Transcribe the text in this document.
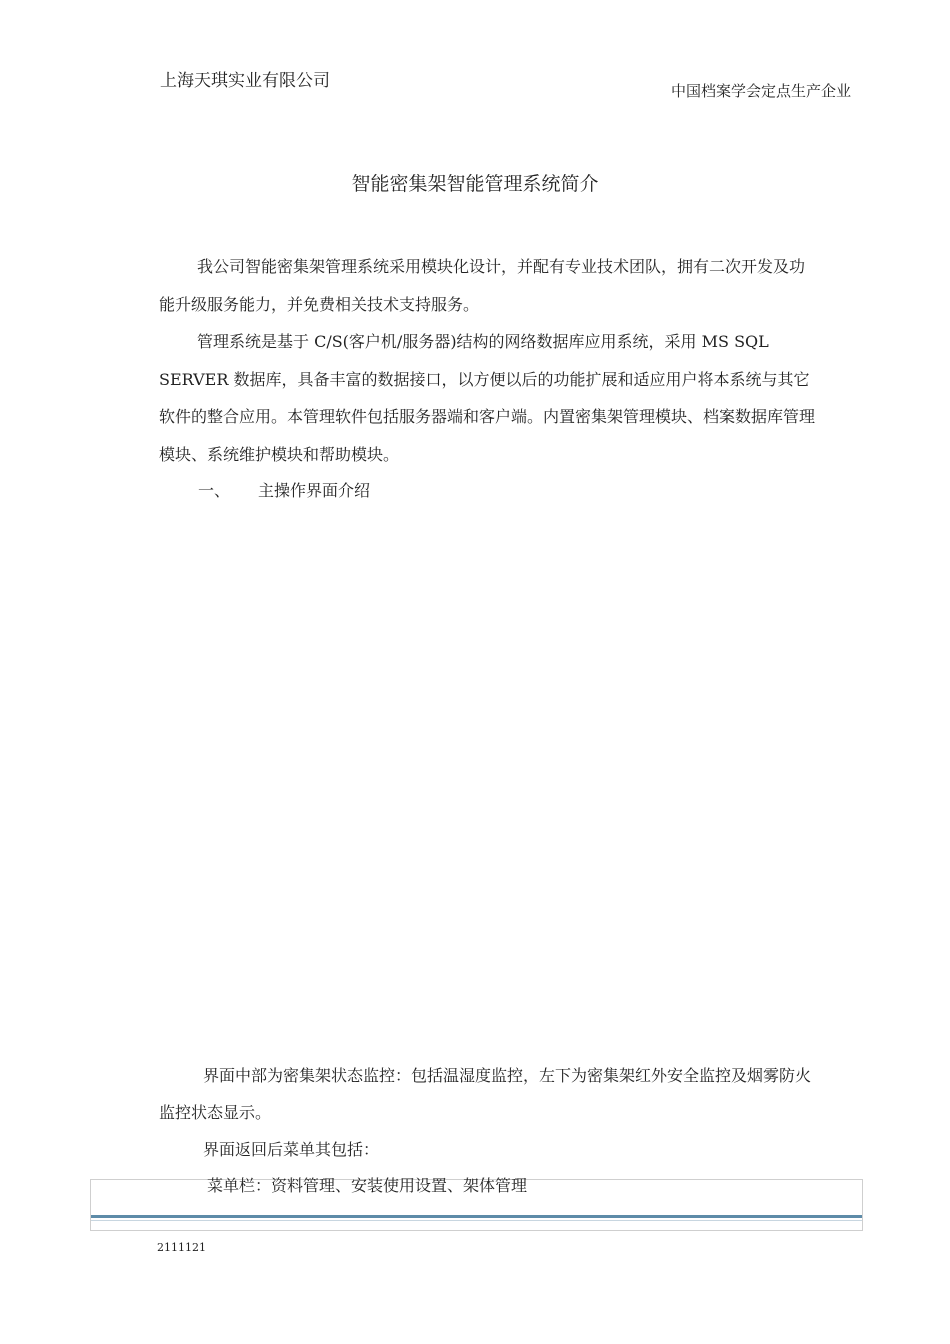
上海天琪实业有限公司	中国档案学会定点生产企业
智能密集架智能管理系统简介

我公司智能密集架管理系统采用模块化设计，并配有专业技术团队，拥有二次开发及功能升级服务能力，并免费相关技术支持服务。

管理系统是基于 C/S(客户机/服务器)结构的网络数据库应用系统，采用 MS SQL SERVER 数据库，具备丰富的数据接口，以方便以后的功能扩展和适应用户将本系统与其它软件的整合应用。本管理软件包括服务器端和客户端。内置密集架管理模块、档案数据库管理模块、系统维护模块和帮助模块。

一、 主操作界面介绍

界面中部为密集架状态监控：包括温湿度监控，左下为密集架红外安全监控及烟雾防火监控状态显示。

界面返回后菜单其包括：

菜单栏：资料管理、安装使用设置、架体管理
2111121
